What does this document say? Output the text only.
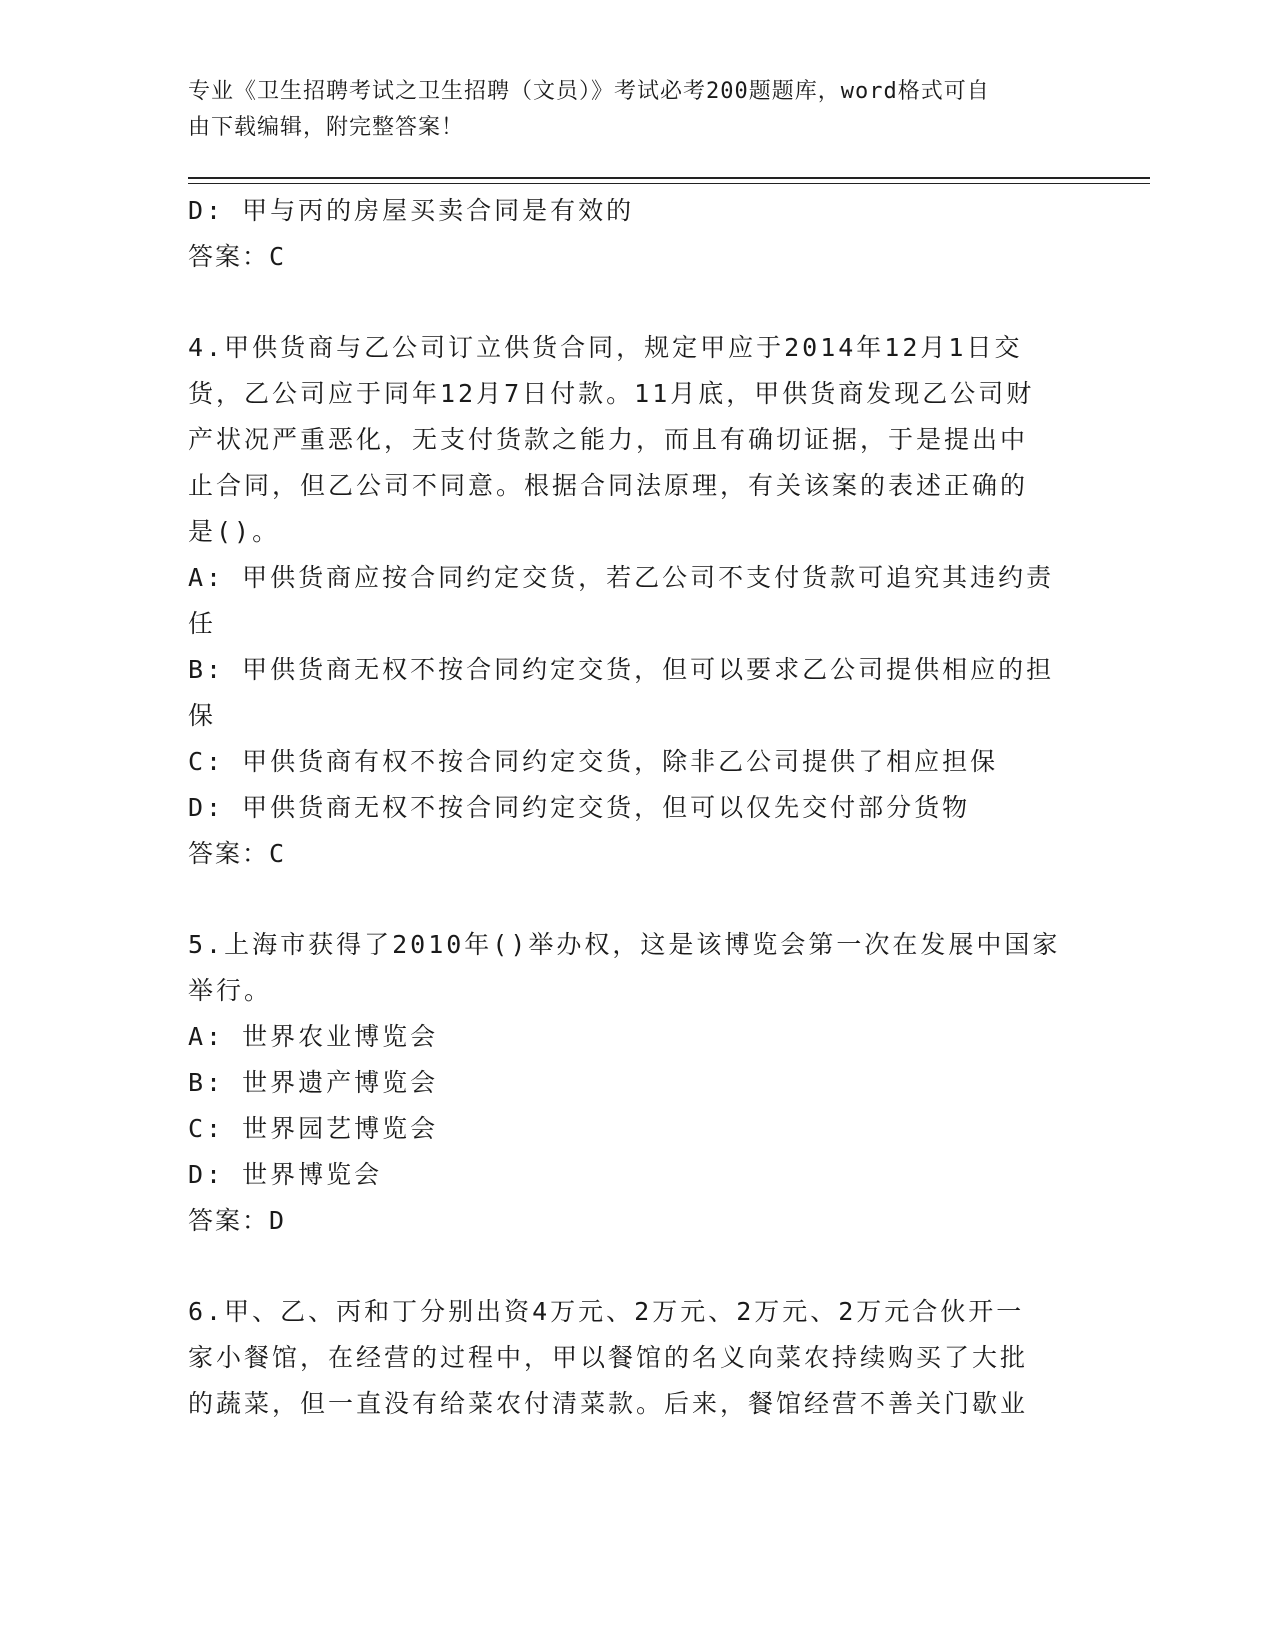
专业《卫生招聘考试之卫生招聘（文员）》考试必考200题题库，word格式可自
由下载编辑，附完整答案！
D: 甲与丙的房屋买卖合同是有效的
答案：C
4.甲供货商与乙公司订立供货合同，规定甲应于2014年12月1日交
货，乙公司应于同年12月7日付款。11月底，甲供货商发现乙公司财
产状况严重恶化，无支付货款之能力，而且有确切证据，于是提出中
止合同，但乙公司不同意。根据合同法原理，有关该案的表述正确的
是()。
A: 甲供货商应按合同约定交货，若乙公司不支付货款可追究其违约责
任
B: 甲供货商无权不按合同约定交货，但可以要求乙公司提供相应的担
保
C: 甲供货商有权不按合同约定交货，除非乙公司提供了相应担保
D: 甲供货商无权不按合同约定交货，但可以仅先交付部分货物
答案：C
5.上海市获得了2010年()举办权，这是该博览会第一次在发展中国家
举行。
A: 世界农业博览会
B: 世界遗产博览会
C: 世界园艺博览会
D: 世界博览会
答案：D
6.甲、乙、丙和丁分别出资4万元、2万元、2万元、2万元合伙开一
家小餐馆，在经营的过程中，甲以餐馆的名义向菜农持续购买了大批
的蔬菜，但一直没有给菜农付清菜款。后来，餐馆经营不善关门歇业
